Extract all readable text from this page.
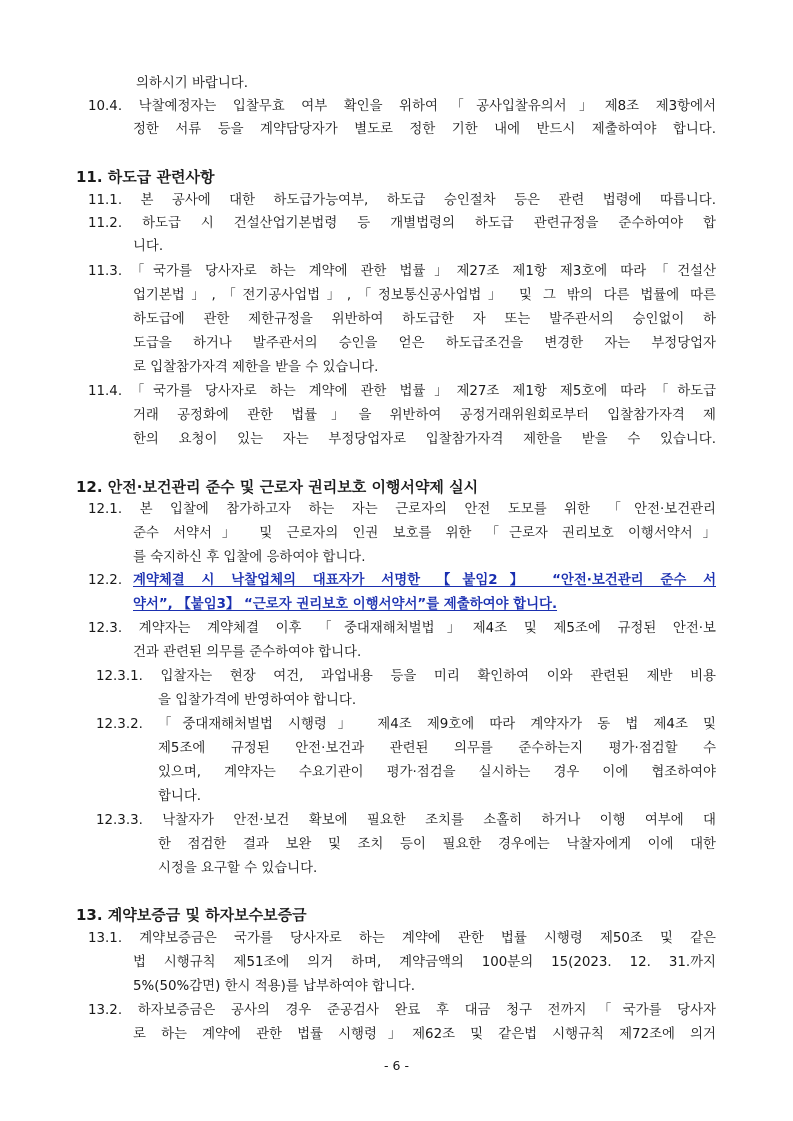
의하시기 바랍니다.
10.4. 낙찰예정자는 입찰무효 여부 확인을 위하여「공사입찰유의서」제8조 제3항에서
정한 서류 등을 계약담당자가 별도로 정한 기한 내에 반드시 제출하여야 합니다.
11. 하도급 관련사항
11.1. 본 공사에 대한 하도급가능여부, 하도급 승인절차 등은 관련 법령에 따릅니다.
11.2. 하도급 시 건설산업기본법령 등 개별법령의 하도급 관련규정을 준수하여야 합
니다.
11.3.「국가를 당사자로 하는 계약에 관한 법률」제27조 제1항 제3호에 따라「건설산
업기본법」,「전기공사업법」,「정보통신공사업법」 및 그 밖의 다른 법률에 따른
하도급에 관한 제한규정을 위반하여 하도급한 자 또는 발주관서의 승인없이 하
도급을 하거나 발주관서의 승인을 얻은 하도급조건을 변경한 자는 부정당업자
로 입찰참가자격 제한을 받을 수 있습니다.
11.4.「국가를 당사자로 하는 계약에 관한 법률」제27조 제1항 제5호에 따라「하도급
거래 공정화에 관한 법률」을 위반하여 공정거래위원회로부터 입찰참가자격 제
한의 요청이 있는 자는 부정당업자로 입찰참가자격 제한을 받을 수 있습니다.
12. 안전·보건관리 준수 및 근로자 권리보호 이행서약제 실시
12.1. 본 입찰에 참가하고자 하는 자는 근로자의 안전 도모를 위한 「안전·보건관리
준수 서약서」 및 근로자의 인권 보호를 위한 「근로자 권리보호 이행서약서」
를 숙지하신 후 입찰에 응하여야 합니다.
12.2. 계약체결 시 낙찰업체의 대표자가 서명한 【붙임2】 “안전·보건관리 준수 서
약서”, 【붙임3】 “근로자 권리보호 이행서약서”를 제출하여야 합니다.
12.3. 계약자는 계약체결 이후 「중대재해처벌법」제4조 및 제5조에 규정된 안전·보
건과 관련된 의무를 준수하여야 합니다.
12.3.1. 입찰자는 현장 여건, 과업내용 등을 미리 확인하여 이와 관련된 제반 비용
을 입찰가격에 반영하여야 합니다.
12.3.2. 「중대재해처벌법 시행령」 제4조 제9호에 따라 계약자가 동 법 제4조 및
제5조에 규정된 안전·보건과 관련된 의무를 준수하는지 평가·점검할 수
있으며, 계약자는 수요기관이 평가·점검을 실시하는 경우 이에 협조하여야
합니다.
12.3.3. 낙찰자가 안전·보건 확보에 필요한 조치를 소홀히 하거나 이행 여부에 대
한 점검한 결과 보완 및 조치 등이 필요한 경우에는 낙찰자에게 이에 대한
시정을 요구할 수 있습니다.
13. 계약보증금 및 하자보수보증금
13.1. 계약보증금은 국가를 당사자로 하는 계약에 관한 법률 시행령 제50조 및 같은
법 시행규칙 제51조에 의거 하며, 계약금액의 100분의 15(2023. 12. 31.까지
5%(50%감면) 한시 적용)를 납부하여야 합니다.
13.2. 하자보증금은 공사의 경우 준공검사 완료 후 대금 청구 전까지「국가를 당사자
로 하는 계약에 관한 법률 시행령」제62조 및 같은법 시행규칙 제72조에 의거
- 6 -
